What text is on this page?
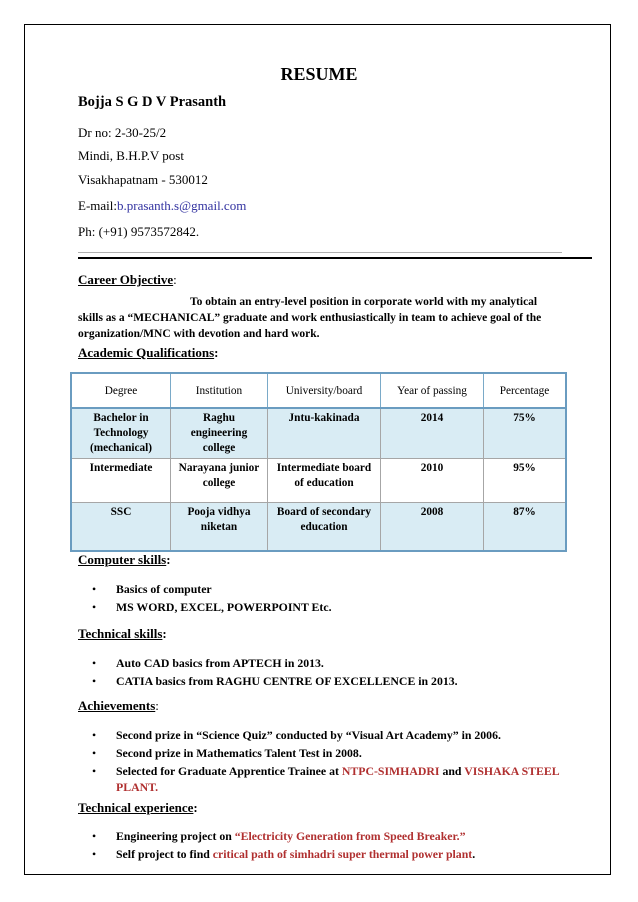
RESUME
Bojja S G D V Prasanth
Dr no: 2-30-25/2
Mindi, B.H.P.V post
Visakhapatnam - 530012
E-mail:b.prasanth.s@gmail.com
Ph: (+91) 9573572842.
Career Objective:
To obtain an entry-level position in corporate world with my analytical
skills as a “MECHANICAL” graduate and work enthusiastically in team to achieve goal of the
organization/MNC with devotion and hard work.
Academic Qualifications:
Degree	Institution	University/board	Year of passing	Percentage
Bachelor in Technology (mechanical)	Raghu engineering college	Jntu-kakinada	2014	75%
Intermediate	Narayana junior college	Intermediate board of education	2010	95%
SSC	Pooja vidhya niketan	Board of secondary education	2008	87%
Computer skills:
• Basics of computer
• MS WORD, EXCEL, POWERPOINT Etc.
Technical skills:
• Auto CAD basics from APTECH in 2013.
• CATIA basics from RAGHU CENTRE OF EXCELLENCE in 2013.
Achievements:
• Second prize in “Science Quiz” conducted by “Visual Art Academy” in 2006.
• Second prize in Mathematics Talent Test in 2008.
• Selected for Graduate Apprentice Trainee at NTPC-SIMHADRI and VISHAKA STEEL PLANT.
Technical experience:
• Engineering project on “Electricity Generation from Speed Breaker.”
• Self project to find critical path of simhadri super thermal power plant.
